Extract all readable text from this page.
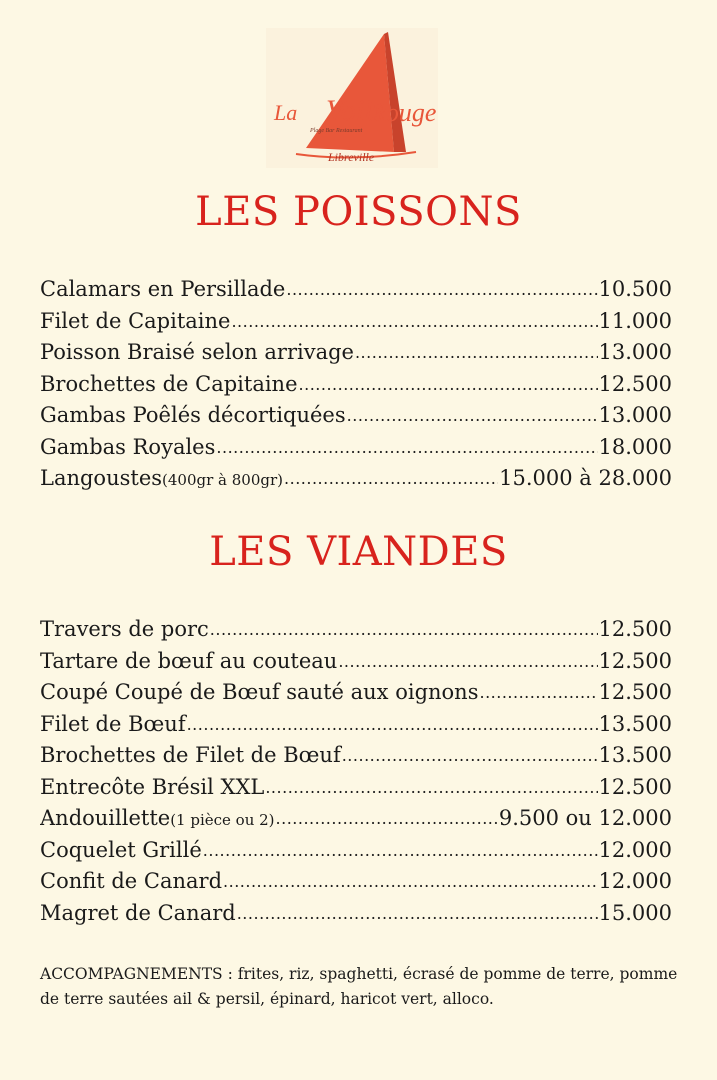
La Voile
Rouge
Plage Bar Restaurant
Libreville
LES POISSONS
Calamars en Persillade .....	10.500
Filet de Capitaine .....	11.000
Poisson Braisé selon arrivage .....	13.000
Brochettes de Capitaine .....	12.500
Gambas Poêlés décortiquées .....	13.000
Gambas Royales .....	18.000
Langoustes (400gr à 800gr) .....	15.000 à 28.000
LES VIANDES
Travers de porc .....	12.500
Tartare de bœuf au couteau .....	12.500
Coupé Coupé de Bœuf sauté aux oignons .....	12.500
Filet de Bœuf .....	13.500
Brochettes de Filet de Bœuf .....	13.500
Entrecôte Brésil XXL .....	12.500
Andouillette (1 pièce ou 2) .....	9.500 ou 12.000
Coquelet Grillé .....	12.000
Confit de Canard .....	12.000
Magret de Canard .....	15.000

ACCOMPAGNEMENTS : frites, riz, spaghetti, écrasé de pomme de terre, pomme de terre sautées ail & persil, épinard, haricot vert, alloco.
